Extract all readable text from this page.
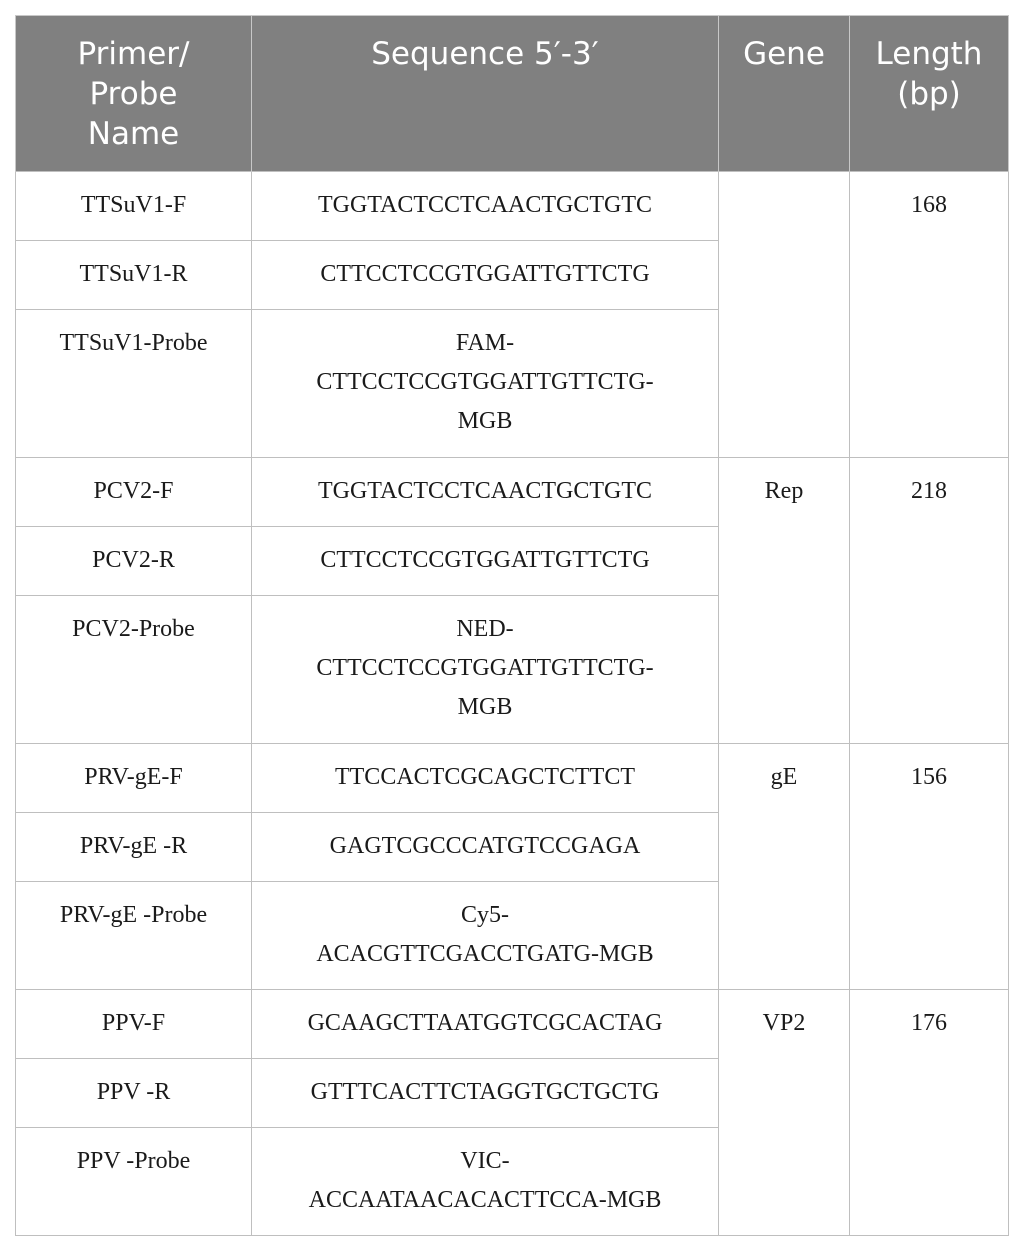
Primer/
Probe
Name	Sequence 5′-3′	Gene	Length
(bp)
TTSuV1-F	TGGTACTCCTCAACTGCTGTC		168
TTSuV1-R	CTTCCTCCGTGGATTGTTCTG		
TTSuV1-Probe	FAM-
CTTCCTCCGTGGATTGTTCTG-
MGB		
PCV2-F	TGGTACTCCTCAACTGCTGTC	Rep	218
PCV2-R	CTTCCTCCGTGGATTGTTCTG		
PCV2-Probe	NED-
CTTCCTCCGTGGATTGTTCTG-
MGB		
PRV-gE-F	TTCCACTCGCAGCTCTTCT	gE	156
PRV-gE -R	GAGTCGCCCATGTCCGAGA		
PRV-gE -Probe	Cy5-
ACACGTTCGACCTGATG-MGB		
PPV-F	GCAAGCTTAATGGTCGCACTAG	VP2	176
PPV -R	GTTTCACTTCTAGGTGCTGCTG		
PPV -Probe	VIC-
ACCAATAACACACTTCCA-MGB		
